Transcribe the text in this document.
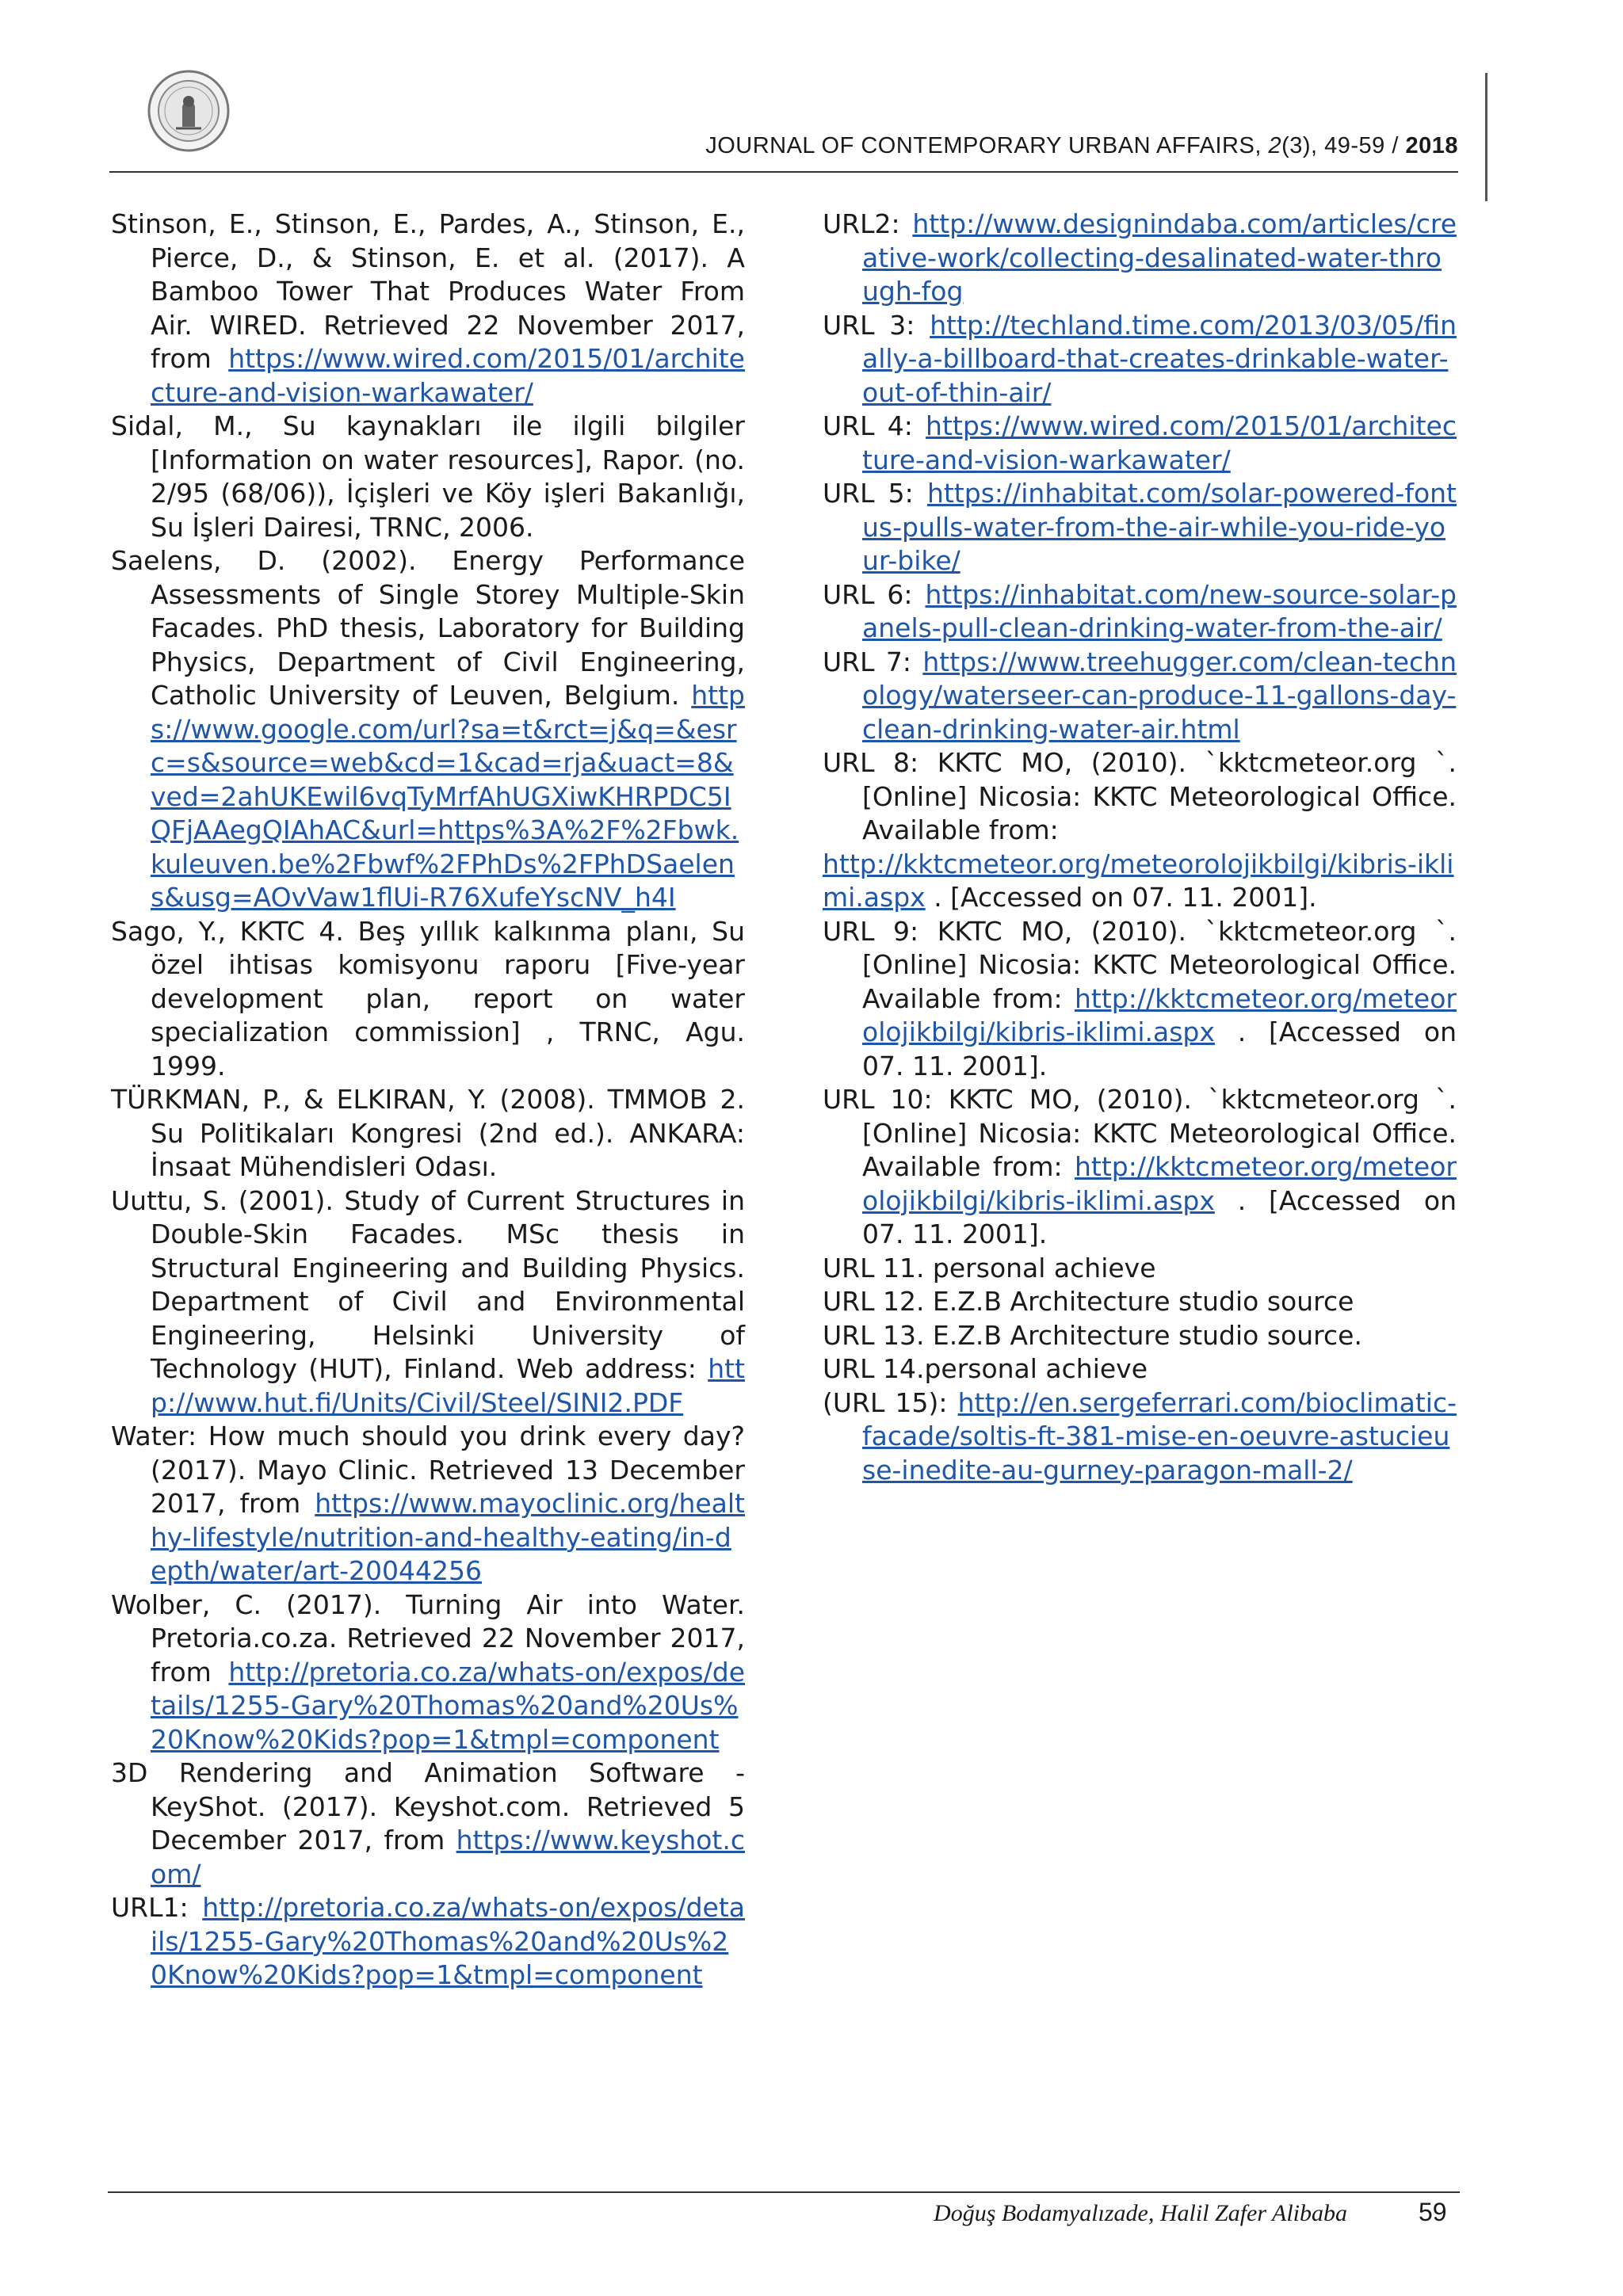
JOURNAL OF CONTEMPORARY URBAN AFFAIRS, 2(3), 49-59 / 2018

Stinson, E., Stinson, E., Pardes, A., Stinson, E., Pierce, D., & Stinson, E. et al. (2017). A Bamboo Tower That Produces Water From Air. WIRED. Retrieved 22 November 2017, from https://www.wired.com/2015/01/architecture-and-vision-warkawater/

Sidal, M., Su kaynakları ile ilgili bilgiler [Information on water resources], Rapor. (no. 2/95 (68/06)), İçişleri ve Köy işleri Bakanlığı, Su İşleri Dairesi, TRNC, 2006.

Saelens, D. (2002). Energy Performance Assessments of Single Storey Multiple-Skin Facades. PhD thesis, Laboratory for Building Physics, Department of Civil Engineering, Catholic University of Leuven, Belgium. https://www.google.com/url?sa=t&rct=j&q=&esrc=s&source=web&cd=1&cad=rja&uact=8&ved=2ahUKEwil6vqTyMrfAhUGXiwKHRPDC5IQFjAAegQIAhAC&url=https%3A%2F%2Fbwk.kuleuven.be%2Fbwf%2FPhDs%2FPhDSaelens&usg=AOvVaw1flUi-R76XufeYscNV_h4I

Sago, Y., KKTC 4. Beş yıllık kalkınma planı, Su özel ihtisas komisyonu raporu [Five-year development plan, report on water specialization commission] , TRNC, Agu. 1999.

TÜRKMAN, P., & ELKIRAN, Y. (2008). TMMOB 2. Su Politikaları Kongresi (2nd ed.). ANKARA: İnsaat Mühendisleri Odası.

Uuttu, S. (2001). Study of Current Structures in Double-Skin Facades. MSc thesis in Structural Engineering and Building Physics. Department of Civil and Environmental Engineering, Helsinki University of Technology (HUT), Finland. Web address: http://www.hut.fi/Units/Civil/Steel/SINI2.PDF

Water: How much should you drink every day? (2017). Mayo Clinic. Retrieved 13 December 2017, from https://www.mayoclinic.org/healthy-lifestyle/nutrition-and-healthy-eating/in-depth/water/art-20044256

Wolber, C. (2017). Turning Air into Water. Pretoria.co.za. Retrieved 22 November 2017, from http://pretoria.co.za/whats-on/expos/details/1255-Gary%20Thomas%20and%20Us%20Know%20Kids?pop=1&tmpl=component

3D Rendering and Animation Software - KeyShot. (2017). Keyshot.com. Retrieved 5 December 2017, from https://www.keyshot.com/

URL1: http://pretoria.co.za/whats-on/expos/details/1255-Gary%20Thomas%20and%20Us%20Know%20Kids?pop=1&tmpl=component

URL2: http://www.designindaba.com/articles/creative-work/collecting-desalinated-water-through-fog

URL 3: http://techland.time.com/2013/03/05/finally-a-billboard-that-creates-drinkable-water-out-of-thin-air/

URL 4: https://www.wired.com/2015/01/architecture-and-vision-warkawater/

URL 5: https://inhabitat.com/solar-powered-fontus-pulls-water-from-the-air-while-you-ride-your-bike/

URL 6: https://inhabitat.com/new-source-solar-panels-pull-clean-drinking-water-from-the-air/

URL 7: https://www.treehugger.com/clean-technology/waterseer-can-produce-11-gallons-day-clean-drinking-water-air.html

URL 8: KKTC MO, (2010). `kktcmeteor.org `. [Online] Nicosia: KKTC Meteorological Office. Available from:

http://kktcmeteor.org/meteorolojikbilgi/kibris-iklimi.aspx . [Accessed on 07. 11. 2001].

URL 9: KKTC MO, (2010). `kktcmeteor.org `. [Online] Nicosia: KKTC Meteorological Office. Available from: http://kktcmeteor.org/meteorolojikbilgi/kibris-iklimi.aspx . [Accessed on 07. 11. 2001].

URL 10: KKTC MO, (2010). `kktcmeteor.org `. [Online] Nicosia: KKTC Meteorological Office. Available from: http://kktcmeteor.org/meteorolojikbilgi/kibris-iklimi.aspx . [Accessed on 07. 11. 2001].

URL 11. personal achieve

URL 12. E.Z.B Architecture studio source

URL 13. E.Z.B Architecture studio source.

URL 14.personal achieve

(URL 15): http://en.sergeferrari.com/bioclimatic-facade/soltis-ft-381-mise-en-oeuvre-astucieuse-inedite-au-gurney-paragon-mall-2/

Doğuş Bodamyalızade, Halil Zafer Alibaba	59
